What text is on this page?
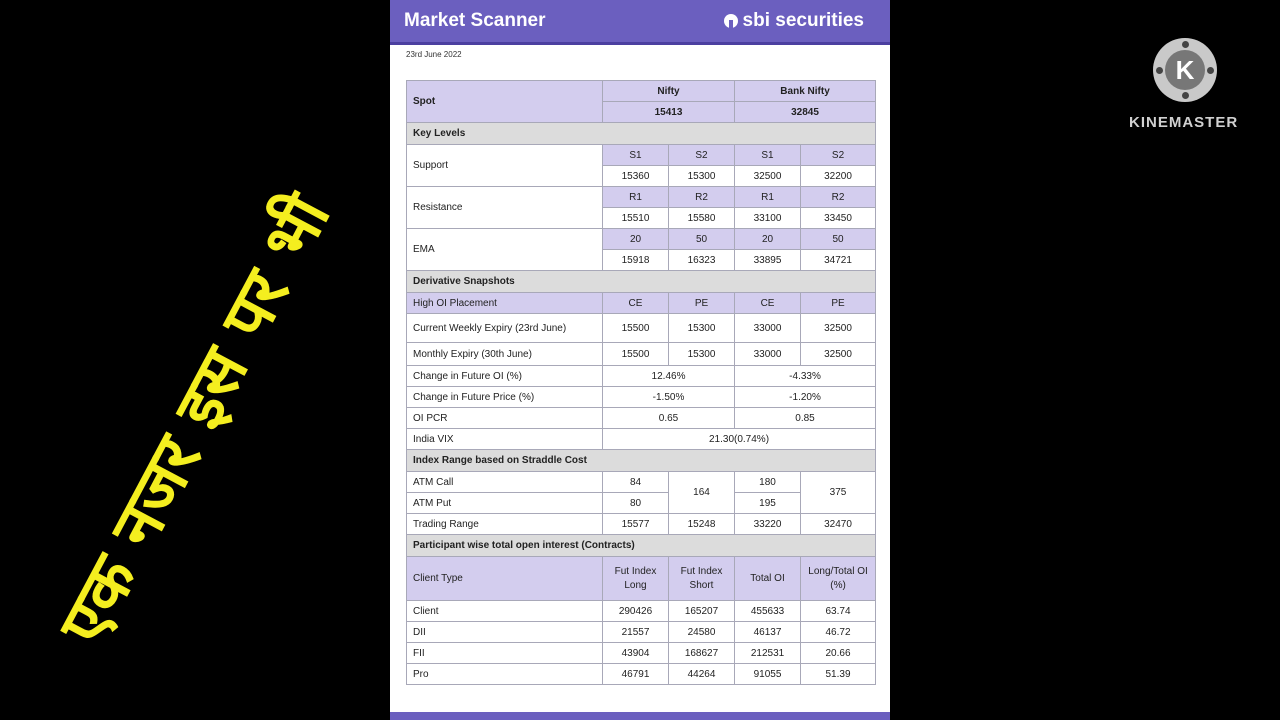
एक नजर इस पर भी
K
KINEMASTER
Market Scanner	sbi securities
23rd June 2022
Spot	Nifty		Bank Nifty	
	15413		32845	
Key Levels				
Support	S1	S2	S1	S2
	15360	15300	32500	32200
Resistance	R1	R2	R1	R2
	15510	15580	33100	33450
EMA	20	50	20	50
	15918	16323	33895	34721
Derivative Snapshots				
High OI Placement	CE	PE	CE	PE
Current Weekly Expiry (23rd June)	15500	15300	33000	32500
Monthly Expiry (30th June)	15500	15300	33000	32500
Change in Future OI (%)	12.46%		-4.33%	
Change in Future Price (%)	-1.50%		-1.20%	
OI PCR	0.65		0.85	
India VIX	21.30(0.74%)			
Index Range based on Straddle Cost				
ATM Call	84	164	180	375
ATM Put	80		195	
Trading Range	15577	15248	33220	32470
Participant wise total open interest (Contracts)				
Client Type	Fut Index Long	Fut Index Short	Total OI	Long/Total OI (%)
Client	290426	165207	455633	63.74
DII	21557	24580	46137	46.72
FII	43904	168627	212531	20.66
Pro	46791	44264	91055	51.39
